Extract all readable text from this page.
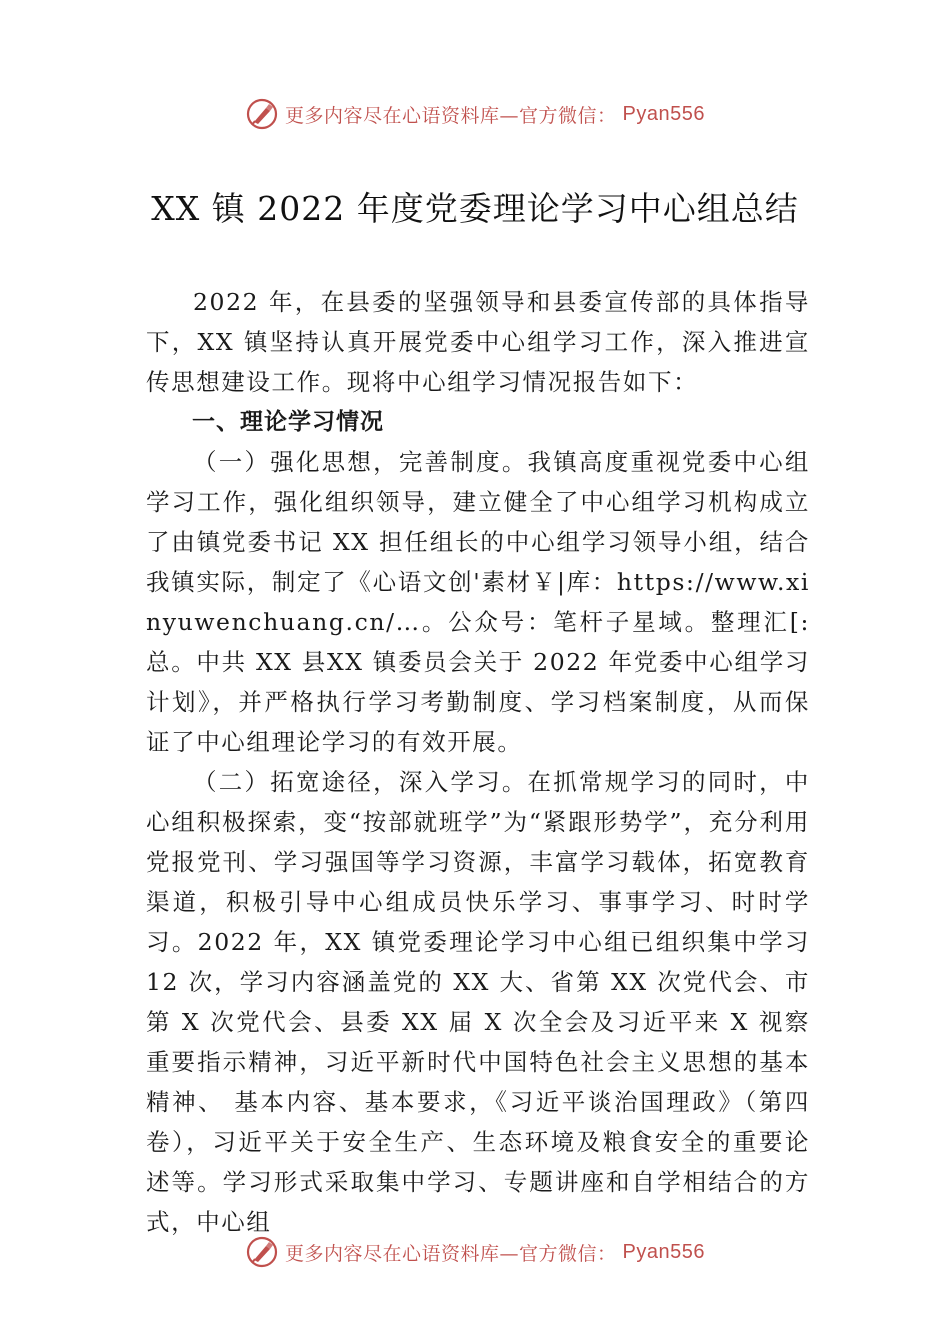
更多内容尽在心语资料库—官方微信： Pyan556
XX 镇 2022 年度党委理论学习中心组总结

2022 年，在县委的坚强领导和县委宣传部的具体指导下，XX 镇坚持认真开展党委中心组学习工作，深入推进宣传思想建设工作。现将中心组学习情况报告如下：

一、理论学习情况

（一）强化思想，完善制度。我镇高度重视党委中心组学习工作，强化组织领导，建立健全了中心组学习机构成立了由镇党委书记 XX 担任组长的中心组学习领导小组，结合我镇实际，制定了《心语文创'素材￥|库：https://www.xinyuwenchuang.cn/…。公众号：笔杆子星域。整理汇[:总。中共 XX 县XX 镇委员会关于 2022 年党委中心组学习计划》，并严格执行学习考勤制度、学习档案制度，从而保证了中心组理论学习的有效开展。

（二）拓宽途径，深入学习。在抓常规学习的同时，中心组积极探索，变“按部就班学”为“紧跟形势学”，充分利用党报党刊、学习强国等学习资源，丰富学习载体，拓宽教育渠道，积极引导中心组成员快乐学习、事事学习、时时学习。2022 年，XX 镇党委理论学习中心组已组织集中学习 12 次，学习内容涵盖党的 XX 大、省第 XX 次党代会、市第 X 次党代会、县委 XX 届 X 次全会及习近平来 X 视察重要指示精神，习近平新时代中国特色社会主义思想的基本精神、 基本内容、基本要求，《习近平谈治国理政》（第四卷），习近平关于安全生产、生态环境及粮食安全的重要论述等。学习形式采取集中学习、专题讲座和自学相结合的方式，中心组

更多内容尽在心语资料库—官方微信： Pyan556
